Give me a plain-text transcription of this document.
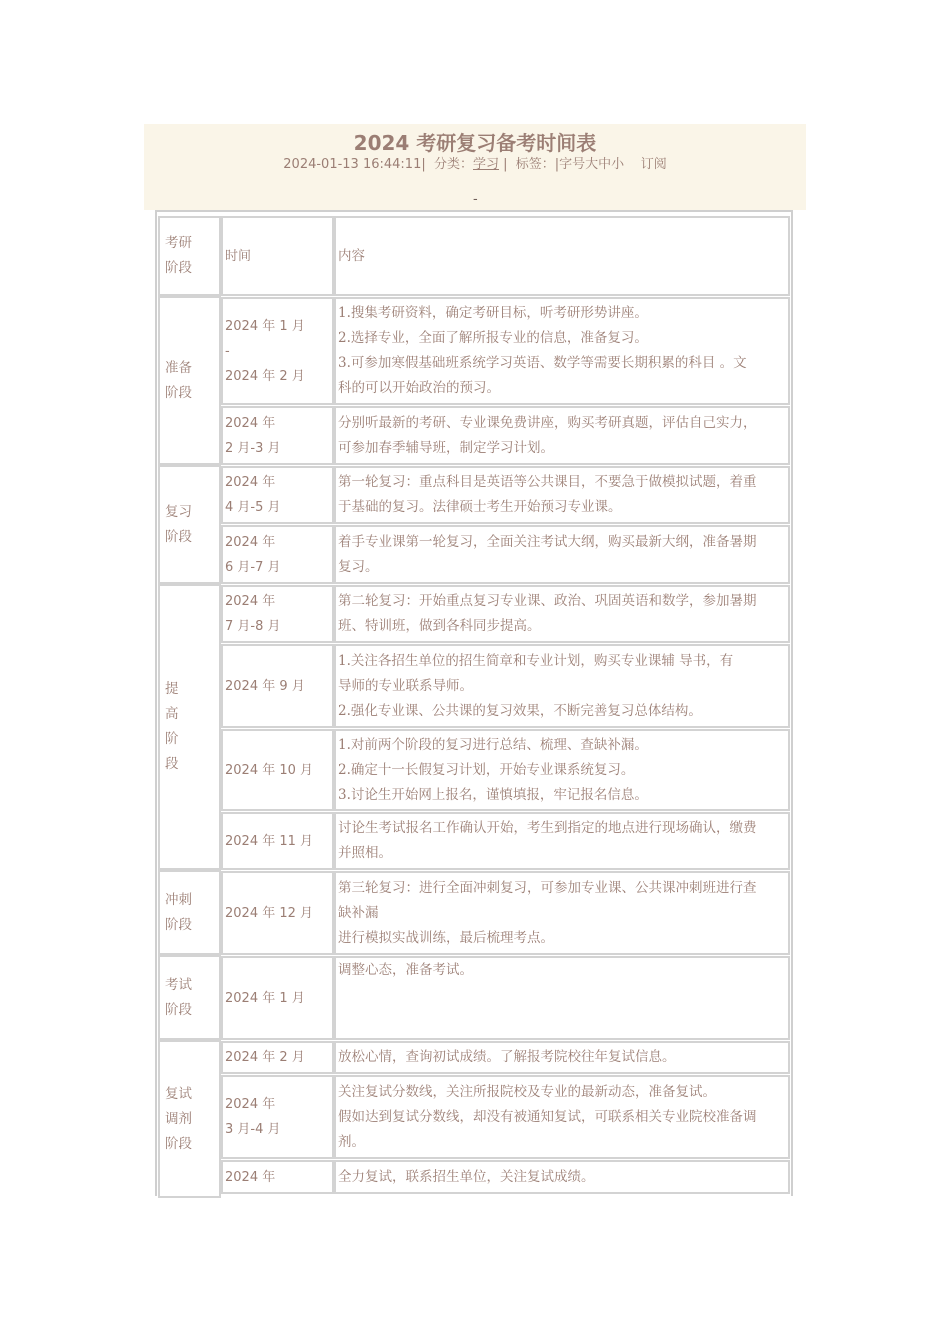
2024 考研复习备考时间表
2024-01-13 16:44:11|  分类：学习 |  标签：|字号大中小    订阅
-
考研
阶段
时间	内容
准备
阶段
复习
阶段
提
高
阶
段
冲刺
阶段
考试
阶段
复试
调剂
阶段
2024 年 1 月
-
2024 年 2 月
1.搜集考研资料，确定考研目标，听考研形势讲座。
2.选择专业，全面了解所报专业的信息，准备复习。
3.可参加寒假基础班系统学习英语、数学等需要长期积累的科目 。文
科的可以开始政治的预习。
2024 年
2 月-3 月
分别听最新的考研、专业课免费讲座，购买考研真题，评估自己实力，
可参加春季辅导班，制定学习计划。
2024 年
4 月-5 月
第一轮复习：重点科目是英语等公共课目，不要急于做模拟试题，着重
于基础的复习。法律硕士考生开始预习专业课。
2024 年
6 月-7 月
着手专业课第一轮复习，全面关注考试大纲，购买最新大纲，准备暑期
复习。
2024 年
7 月-8 月
第二轮复习：开始重点复习专业课、政治、巩固英语和数学，参加暑期
班、特训班，做到各科同步提高。
2024 年 9 月
1.关注各招生单位的招生简章和专业计划，购买专业课辅 导书，有
导师的专业联系导师。
2.强化专业课、公共课的复习效果，不断完善复习总体结构。
2024 年 10 月
1.对前两个阶段的复习进行总结、梳理、查缺补漏。
2.确定十一长假复习计划，开始专业课系统复习。
3.讨论生开始网上报名，谨慎填报，牢记报名信息。
2024 年 11 月
讨论生考试报名工作确认开始，考生到指定的地点进行现场确认，缴费
并照相。
2024 年 12 月
第三轮复习：进行全面冲刺复习，可参加专业课、公共课冲刺班进行查
缺补漏
进行模拟实战训练，最后梳理考点。
2024 年 1 月
调整心态，准备考试。
2024 年 2 月 放松心情，查询初试成绩。了解报考院校往年复试信息。
2024 年
3 月-4 月
关注复试分数线，关注所报院校及专业的最新动态，准备复试。
假如达到复试分数线，却没有被通知复试，可联系相关专业院校准备调
剂。
2024 年	全力复试，联系招生单位，关注复试成绩。
